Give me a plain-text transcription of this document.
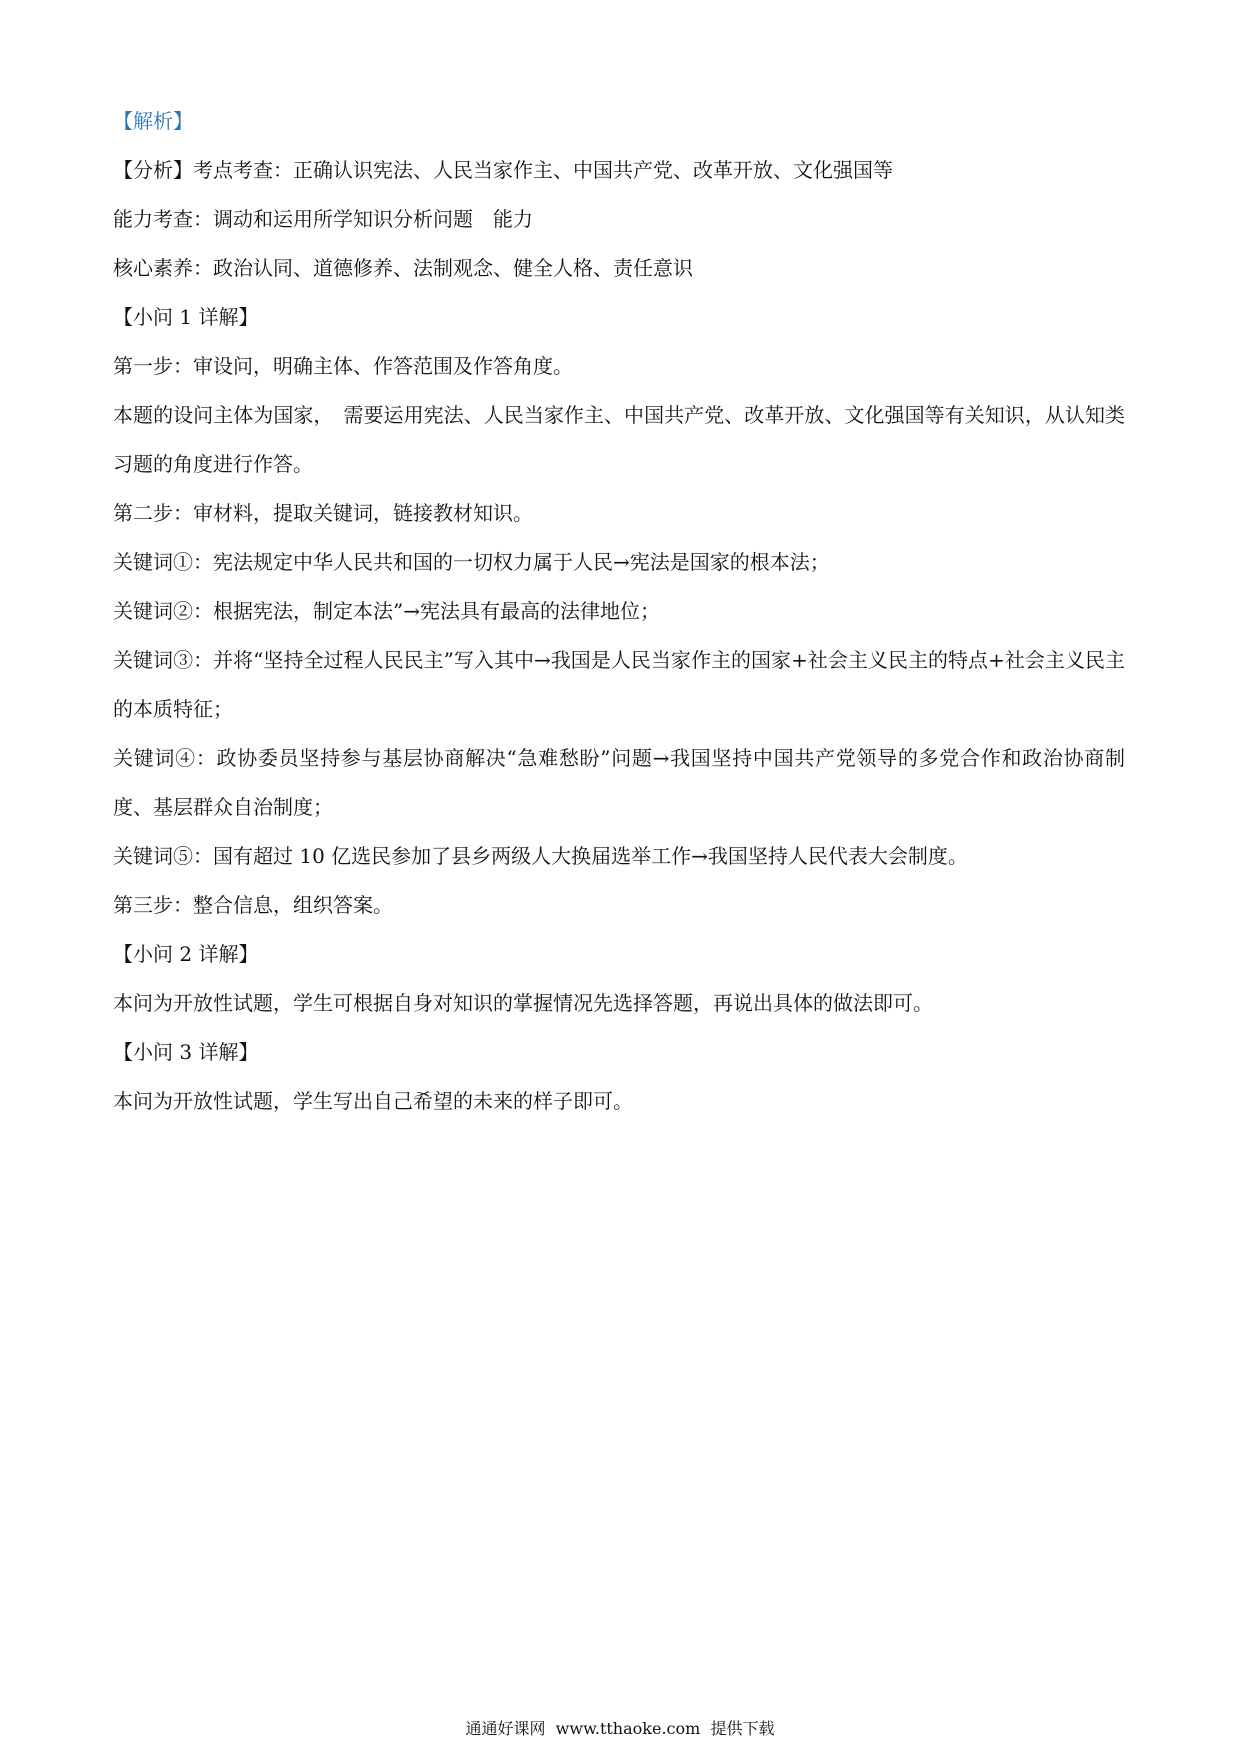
【解析】

【分析】考点考查：正确认识宪法、人民当家作主、中国共产党、改革开放、文化强国等

能力考查：调动和运用所学知识分析问题　能力

核心素养：政治认同、道德修养、法制观念、健全人格、责任意识

【小问 1 详解】

第一步：审设问，明确主体、作答范围及作答角度。

本题的设问主体为国家，　需要运用宪法、人民当家作主、中国共产党、改革开放、文化强国等有关知识，从认知类习题的角度进行作答。

第二步：审材料，提取关键词，链接教材知识。

关键词①：宪法规定中华人民共和国的一切权力属于人民→宪法是国家的根本法；

关键词②：根据宪法，制定本法”→宪法具有最高的法律地位；

关键词③：并将“坚持全过程人民民主”写入其中→我国是人民当家作主的国家+社会主义民主的特点+社会主义民主的本质特征；

关键词④：政协委员坚持参与基层协商解决“急难愁盼”问题→我国坚持中国共产党领导的多党合作和政治协商制度、基层群众自治制度；

关键词⑤：国有超过 10 亿选民参加了县乡两级人大换届选举工作→我国坚持人民代表大会制度。

第三步：整合信息，组织答案。

【小问 2 详解】

本问为开放性试题，学生可根据自身对知识的掌握情况先选择答题，再说出具体的做法即可。

【小问 3 详解】

本问为开放性试题，学生写出自己希望的未来的样子即可。

通通好课网  www.tthaoke.com  提供下载
